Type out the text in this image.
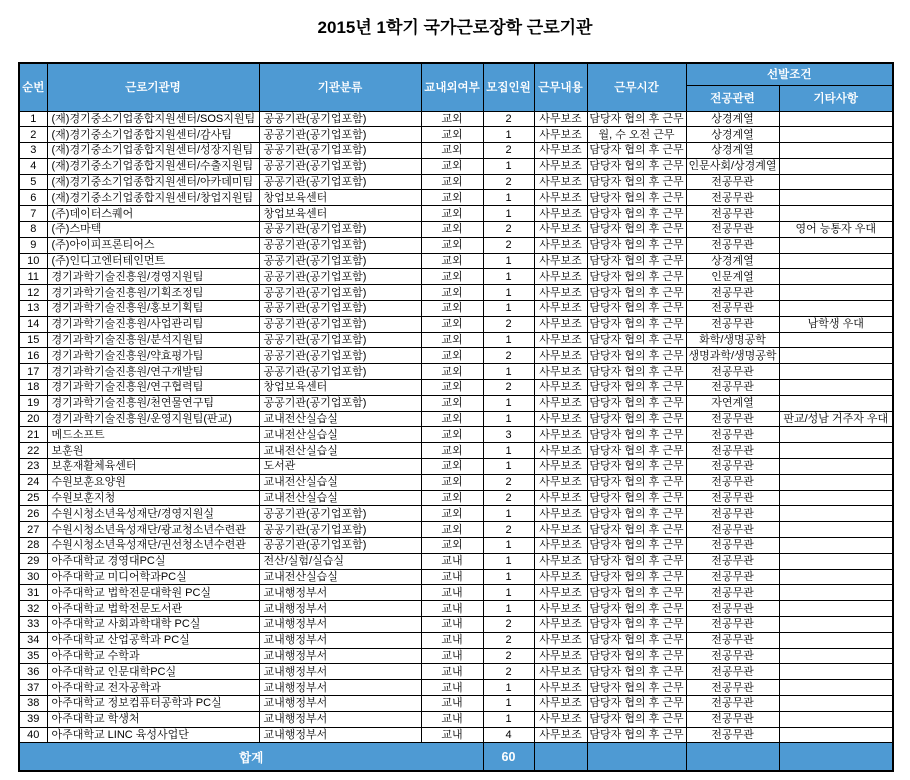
2015년 1학기 국가근로장학 근로기관
순번	근로기관명	기관분류	교내외여부	모집인원	근무내용	근무시간	선발조건	
							전공관련	기타사항
1	(재)경기중소기업종합지원센터/SOS지원팀	공공기관(공기업포함)	교외	2	사무보조	담당자 협의 후 근무	상경계열	
2	(재)경기중소기업종합지원센터/감사팀	공공기관(공기업포함)	교외	1	사무보조	월, 수 오전 근무	상경계열	
3	(재)경기중소기업종합지원센터/성장지원팀	공공기관(공기업포함)	교외	2	사무보조	담당자 협의 후 근무	상경계열	
4	(재)경기중소기업종합지원센터/수출지원팀	공공기관(공기업포함)	교외	1	사무보조	담당자 협의 후 근무	인문사회/상경계열	
5	(재)경기중소기업종합지원센터/아카데미팀	공공기관(공기업포함)	교외	2	사무보조	담당자 협의 후 근무	전공무관	
6	(재)경기중소기업종합지원센터/창업지원팀	창업보육센터	교외	1	사무보조	담당자 협의 후 근무	전공무관	
7	(주)데이터스퀘어	창업보육센터	교외	1	사무보조	담당자 협의 후 근무	전공무관	
8	(주)스마텍	공공기관(공기업포함)	교외	2	사무보조	담당자 협의 후 근무	전공무관	영어 능통자 우대
9	(주)아이피프론티어스	공공기관(공기업포함)	교외	2	사무보조	담당자 협의 후 근무	전공무관	
10	(주)인디고엔터테인먼트	공공기관(공기업포함)	교외	1	사무보조	담당자 협의 후 근무	상경계열	
11	경기과학기술진흥원/경영지원팀	공공기관(공기업포함)	교외	1	사무보조	담당자 협의 후 근무	인문계열	
12	경기과학기술진흥원/기획조정팀	공공기관(공기업포함)	교외	1	사무보조	담당자 협의 후 근무	전공무관	
13	경기과학기술진흥원/홍보기획팀	공공기관(공기업포함)	교외	1	사무보조	담당자 협의 후 근무	전공무관	
14	경기과학기술진흥원/사업관리팀	공공기관(공기업포함)	교외	2	사무보조	담당자 협의 후 근무	전공무관	남학생 우대
15	경기과학기술진흥원/분석지원팀	공공기관(공기업포함)	교외	1	사무보조	담당자 협의 후 근무	화학/생명공학	
16	경기과학기술진흥원/약효평가팀	공공기관(공기업포함)	교외	2	사무보조	담당자 협의 후 근무	생명과학/생명공학	
17	경기과학기술진흥원/연구개발팀	공공기관(공기업포함)	교외	1	사무보조	담당자 협의 후 근무	전공무관	
18	경기과학기술진흥원/연구협력팀	창업보육센터	교외	2	사무보조	담당자 협의 후 근무	전공무관	
19	경기과학기술진흥원/천연물연구팀	공공기관(공기업포함)	교외	1	사무보조	담당자 협의 후 근무	자연계열	
20	경기과학기술진흥원/운영지원팀(판교)	교내전산실습실	교외	1	사무보조	담당자 협의 후 근무	전공무관	판교/성남 거주자 우대
21	메드소프트	교내전산실습실	교외	3	사무보조	담당자 협의 후 근무	전공무관	
22	보훈원	교내전산실습실	교외	1	사무보조	담당자 협의 후 근무	전공무관	
23	보훈재활체육센터	도서관	교외	1	사무보조	담당자 협의 후 근무	전공무관	
24	수원보훈요양원	교내전산실습실	교외	2	사무보조	담당자 협의 후 근무	전공무관	
25	수원보훈지청	교내전산실습실	교외	2	사무보조	담당자 협의 후 근무	전공무관	
26	수원시청소년육성재단/경영지원실	공공기관(공기업포함)	교외	1	사무보조	담당자 협의 후 근무	전공무관	
27	수원시청소년육성재단/광교청소년수련관	공공기관(공기업포함)	교외	2	사무보조	담당자 협의 후 근무	전공무관	
28	수원시청소년육성재단/권선청소년수련관	공공기관(공기업포함)	교외	1	사무보조	담당자 협의 후 근무	전공무관	
29	아주대학교 경영대PC실	전산/실험/실습실	교내	1	사무보조	담당자 협의 후 근무	전공무관	
30	아주대학교 미디어학과PC실	교내전산실습실	교내	1	사무보조	담당자 협의 후 근무	전공무관	
31	아주대학교 법학전문대학원 PC실	교내행정부서	교내	1	사무보조	담당자 협의 후 근무	전공무관	
32	아주대학교 법학전문도서관	교내행정부서	교내	1	사무보조	담당자 협의 후 근무	전공무관	
33	아주대학교 사회과학대학 PC실	교내행정부서	교내	2	사무보조	담당자 협의 후 근무	전공무관	
34	아주대학교 산업공학과 PC실	교내행정부서	교내	2	사무보조	담당자 협의 후 근무	전공무관	
35	아주대학교 수학과	교내행정부서	교내	2	사무보조	담당자 협의 후 근무	전공무관	
36	아주대학교 인문대학PC실	교내행정부서	교내	2	사무보조	담당자 협의 후 근무	전공무관	
37	아주대학교 전자공학과	교내행정부서	교내	1	사무보조	담당자 협의 후 근무	전공무관	
38	아주대학교 정보컴퓨터공학과 PC실	교내행정부서	교내	1	사무보조	담당자 협의 후 근무	전공무관	
39	아주대학교 학생처	교내행정부서	교내	1	사무보조	담당자 협의 후 근무	전공무관	
40	아주대학교 LINC 육성사업단	교내행정부서	교내	4	사무보조	담당자 협의 후 근무	전공무관	
합계				60				
